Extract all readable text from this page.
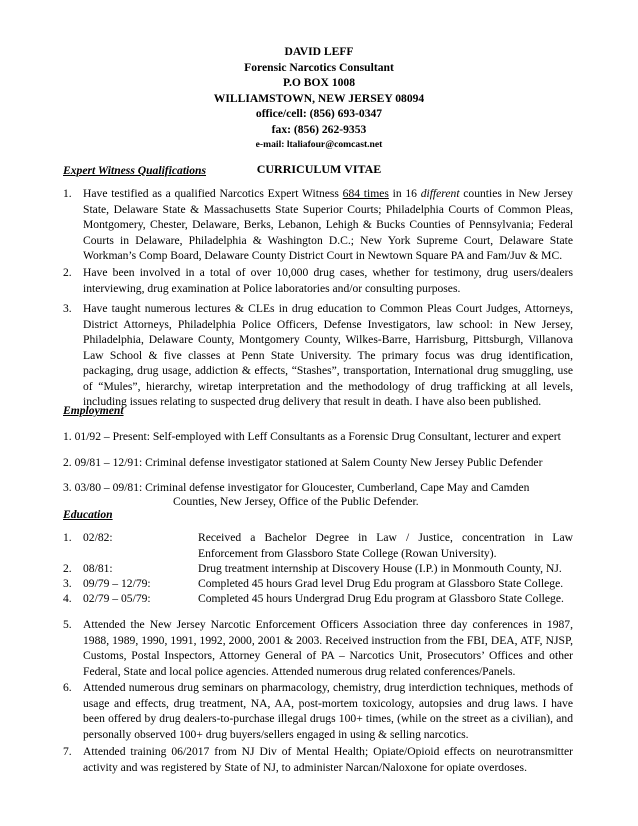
DAVID LEFF
Forensic Narcotics Consultant
P.O BOX 1008
WILLIAMSTOWN, NEW JERSEY 08094
office/cell: (856) 693-0347
fax: (856) 262-9353
e-mail: ltaliafour@comcast.net
CURRICULUM VITAE
Expert Witness Qualifications
1. Have testified as a qualified Narcotics Expert Witness 684 times in 16 different counties in New Jersey State, Delaware State & Massachusetts State Superior Courts; Philadelphia Courts of Common Pleas, Montgomery, Chester, Delaware, Berks, Lebanon, Lehigh & Bucks Counties of Pennsylvania; Federal Courts in Delaware, Philadelphia & Washington D.C.; New York Supreme Court, Delaware State Workman’s Comp Board, Delaware County District Court in Newtown Square PA and Fam/Juv & MC.
2. Have been involved in a total of over 10,000 drug cases, whether for testimony, drug users/dealers interviewing, drug examination at Police laboratories and/or consulting purposes.
3. Have taught numerous lectures & CLEs in drug education to Common Pleas Court Judges, Attorneys, District Attorneys, Philadelphia Police Officers, Defense Investigators, law school: in New Jersey, Philadelphia, Delaware County, Montgomery County, Wilkes-Barre, Harrisburg, Pittsburgh, Villanova Law School & five classes at Penn State University. The primary focus was drug identification, packaging, drug usage, addiction & effects, “Stashes”, transportation, International drug smuggling, use of “Mules”, hierarchy, wiretap interpretation and the methodology of drug trafficking at all levels, including issues relating to suspected drug delivery that result in death. I have also been published.
Employment
1. 01/92 – Present: Self-employed with Leff Consultants as a Forensic Drug Consultant, lecturer and expert
2. 09/81 – 12/91: Criminal defense investigator stationed at Salem County New Jersey Public Defender
3. 03/80 – 09/81: Criminal defense investigator for Gloucester, Cumberland, Cape May and Camden
Counties, New Jersey, Office of the Public Defender.
Education
1. 02/82:	Received a Bachelor Degree in Law / Justice, concentration in Law Enforcement from Glassboro State College (Rowan University).
2. 08/81:	Drug treatment internship at Discovery House (I.P.) in Monmouth County, NJ.
3. 09/79 – 12/79:	Completed 45 hours Grad level Drug Edu program at Glassboro State College.
4. 02/79 – 05/79:	Completed 45 hours Undergrad Drug Edu program at Glassboro State College.
5. Attended the New Jersey Narcotic Enforcement Officers Association three day conferences in 1987, 1988, 1989, 1990, 1991, 1992, 2000, 2001 & 2003. Received instruction from the FBI, DEA, ATF, NJSP, Customs, Postal Inspectors, Attorney General of PA – Narcotics Unit, Prosecutors’ Offices and other Federal, State and local police agencies. Attended numerous drug related conferences/Panels.
6. Attended numerous drug seminars on pharmacology, chemistry, drug interdiction techniques, methods of usage and effects, drug treatment, NA, AA, post-mortem toxicology, autopsies and drug laws. I have been offered by drug dealers-to-purchase illegal drugs 100+ times, (while on the street as a civilian), and personally observed 100+ drug buyers/sellers engaged in using & selling narcotics.
7. Attended training 06/2017 from NJ Div of Mental Health; Opiate/Opioid effects on neurotransmitter activity and was registered by State of NJ, to administer Narcan/Naloxone for opiate overdoses.
